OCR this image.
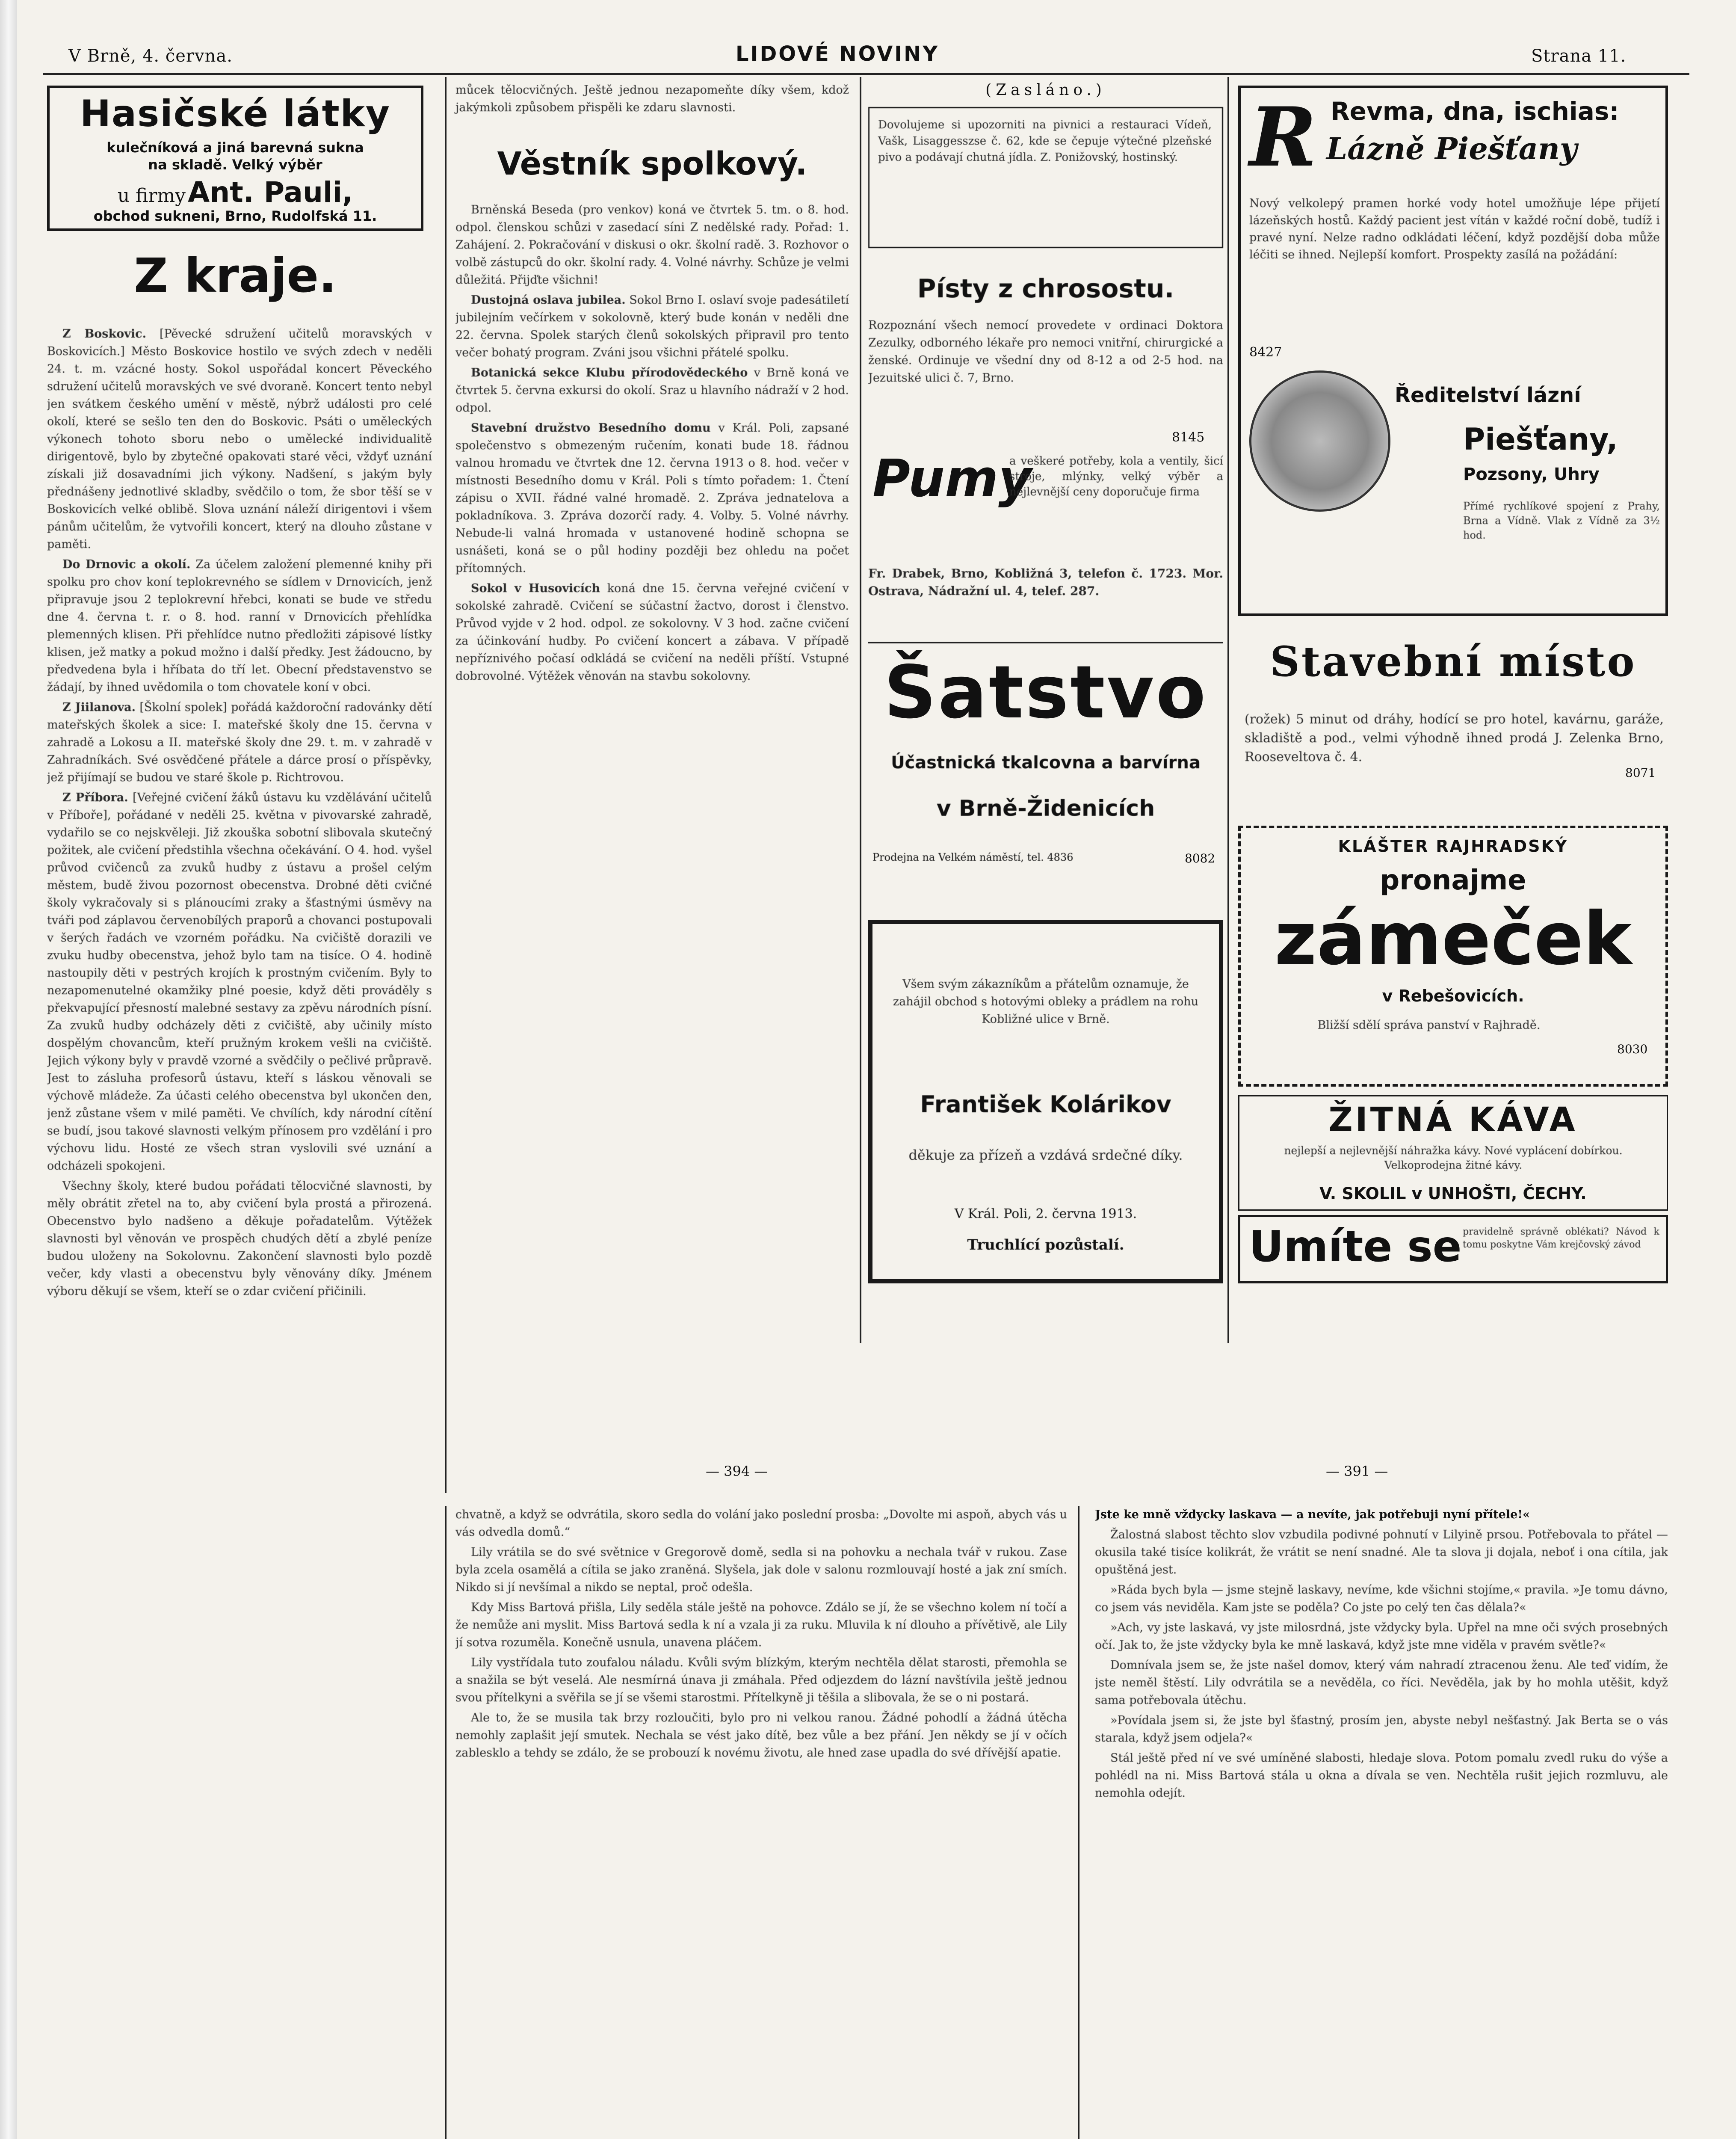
V Brně, 4. června.	LIDOVÉ NOVINY	Strana 11.
Hasičské látky
kulečníková a jiná barevná sukna
na skladě. Velký výběr
u firmy Ant. Pauli,
obchod sukneni, Brno, Rudolfská 11.
Z kraje.

Z Boskovic. [Pěvecké sdružení učitelů moravských v Boskovicích.] Město Boskovice hostilo ve svých zdech v neděli 24. t. m. vzácné hosty. Sokol uspořádal koncert Pěveckého sdružení učitelů moravských ve své dvoraně. Koncert tento nebyl jen svátkem českého umění v městě, nýbrž události pro celé okolí, které se sešlo ten den do Boskovic. Psáti o uměleckých výkonech tohoto sboru nebo o umělecké individualitě dirigentově, bylo by zbytečné opakovati staré věci, vždyť uznání získali již dosavadními jich výkony. Nadšení, s jakým byly přednášeny jednotlivé skladby, svědčilo o tom, že sbor těší se v Boskovicích velké oblibě. Slova uznání náleží dirigentovi i všem pánům učitelům, že vytvořili koncert, který na dlouho zůstane v paměti.

Do Drnovic a okolí. Za účelem založení plemenné knihy při spolku pro chov koní teplokrevného se sídlem v Drnovicích, jenž připravuje jsou 2 teplokrevní hřebci, konati se bude ve středu dne 4. června t. r. o 8. hod. ranní v Drnovicích přehlídka plemenných klisen. Při přehlídce nutno předložiti zápisové lístky klisen, jež matky a pokud možno i další předky. Jest žádoucno, by předvedena byla i hříbata do tří let. Obecní představenstvo se žádají, by ihned uvědomila o tom chovatele koní v obci.

Z Jiilanova. [Školní spolek] pořádá každoroční radovánky dětí mateřských školek a sice: I. mateřské školy dne 15. června v zahradě a Lokosu a II. mateřské školy dne 29. t. m. v zahradě v Zahradníkách. Své osvědčené přátele a dárce prosí o příspěvky, jež přijímají se budou ve staré škole p. Richtrovou.

Z Příbora. [Veřejné cvičení žáků ústavu ku vzdělávání učitelů v Příboře], pořádané v neděli 25. května v pivovarské zahradě, vydařilo se co nejskvěleji. Již zkouška sobotní slibovala skutečný požitek, ale cvičení předstihla všechna očekávání. O 4. hod. vyšel průvod cvičenců za zvuků hudby z ústavu a prošel celým městem, budě živou pozornost obecenstva. Drobné děti cvičné školy vykračovaly si s plánoucími zraky a šťastnými úsměvy na tváři pod záplavou červenobílých praporů a chovanci postupovali v šerých řadách ve vzorném pořádku. Na cvičiště dorazili ve zvuku hudby obecenstva, jehož bylo tam na tisíce. O 4. hodině nastoupily děti v pestrých krojích k prostným cvičením. Byly to nezapomenutelné okamžiky plné poesie, když děti prováděly s překvapující přesností malebné sestavy za zpěvu národních písní. Za zvuků hudby odcházely děti z cvičiště, aby učinily místo dospělým chovancům, kteří pružným krokem vešli na cvičiště. Jejich výkony byly v pravdě vzorné a svědčily o pečlivé průpravě. Jest to zásluha profesorů ústavu, kteří s láskou věnovali se výchově mládeže. Za účasti celého obecenstva byl ukončen den, jenž zůstane všem v milé paměti. Ve chvílích, kdy národní cítění se budí, jsou takové slavnosti velkým přínosem pro vzdělání i pro výchovu lidu. Hosté ze všech stran vyslovili své uznání a odcházeli spokojeni.

Všechny školy, které budou pořádati tělocvičné slavnosti, by měly obrátit zřetel na to, aby cvičení byla prostá a přirozená. Obecenstvo bylo nadšeno a děkuje pořadatelům. Výtěžek slavnosti byl věnován ve prospěch chudých dětí a zbylé peníze budou uloženy na Sokolovnu. Zakončení slavnosti bylo pozdě večer, kdy vlasti a obecenstvu byly věnovány díky. Jménem výboru děkují se všem, kteří se o zdar cvičení přičinili.

můcek tělocvičných. Ještě jednou nezapomeňte díky všem, kdož jakýmkoli způsobem přispěli ke zdaru slavnosti.
Věstník spolkový.

Brněnská Beseda (pro venkov) koná ve čtvrtek 5. tm. o 8. hod. odpol. členskou schůzi v zasedací síni Z nedělské rady. Pořad: 1. Zahájení. 2. Pokračování v diskusi o okr. školní radě. 3. Rozhovor o volbě zástupců do okr. školní rady. 4. Volné návrhy. Schůze je velmi důležitá. Přijďte všichni!

Dustojná oslava jubilea. Sokol Brno I. oslaví svoje padesátiletí jubilejním večírkem v sokolovně, který bude konán v neděli dne 22. června. Spolek starých členů sokolských připravil pro tento večer bohatý program. Zváni jsou všichni přátelé spolku.

Botanická sekce Klubu přírodovědeckého v Brně koná ve čtvrtek 5. června exkursi do okolí. Sraz u hlavního nádraží v 2 hod. odpol.

Stavební družstvo Besedního domu v Král. Poli, zapsané společenstvo s obmezeným ručením, konati bude 18. řádnou valnou hromadu ve čtvrtek dne 12. června 1913 o 8. hod. večer v místnosti Besedního domu v Král. Poli s tímto pořadem: 1. Čtení zápisu o XVII. řádné valné hromadě. 2. Zpráva jednatelova a pokladníkova. 3. Zpráva dozorčí rady. 4. Volby. 5. Volné návrhy. Nebude-li valná hromada v ustanovené hodině schopna se usnášeti, koná se o půl hodiny později bez ohledu na počet přítomných.

Sokol v Husovicích koná dne 15. června veřejné cvičení v sokolské zahradě. Cvičení se súčastní žactvo, dorost i členstvo. Průvod vyjde v 2 hod. odpol. ze sokolovny. V 3 hod. začne cvičení za účinkování hudby. Po cvičení koncert a zábava. V případě nepříznivého počasí odkládá se cvičení na neděli příští. Vstupné dobrovolné. Výtěžek věnován na stavbu sokolovny.

(Zasláno.)
Dovolujeme si upozorniti na pivnici a restauraci Vídeň, Vašk, Lisaggesszse č. 62, kde se čepuje výtečné plzeňské pivo a podávají chutná jídla. Z. Ponižovský, hostinský.
Písty z chrosostu.
Rozpoznání všech nemocí provedete v ordinaci Doktora Zezulky, odborného lékaře pro nemoci vnitřní, chirurgické a ženské. Ordinuje ve všední dny od 8-12 a od 2-5 hod. na Jezuitské ulici č. 7, Brno.
8145
Pumy
a veškeré potřeby, kola a ventily, šicí stroje, mlýnky, velký výběr a nejlevnější ceny doporučuje firma
Fr. Drabek, Brno, Kobližná 3, telefon č. 1723. Mor. Ostrava, Nádražní ul. 4, telef. 287.
Šatstvo
Účastnická tkalcovna a barvírna
v Brně-Židenicích
Prodejna na Velkém náměstí, tel. 4836	8082
Všem svým zákazníkům a přátelům oznamuje, že zahájil obchod s hotovými obleky a prádlem na rohu Kobližné ulice v Brně.
František Kolárikov
děkuje za přízeň a vzdává srdečné díky.
V Král. Poli, 2. června 1913.
Truchlící pozůstalí.
Revma, dna, ischias:
R Lázně Piešťany
Nový velkolepý pramen horké vody hotel umožňuje lépe přijetí lázeňských hostů. Každý pacient jest vítán v každé roční době, tudíž i pravé nyní. Nelze radno odkládati léčení, když pozdější doba může léčiti se ihned. Nejlepší komfort. Prospekty zasílá na požádání:
8427
Ředitelství lázní
Piešťany,
Pozsony, Uhry
Přímé rychlíkové spojení z Prahy, Brna a Vídně. Vlak z Vídně za 3½ hod.
Stavební místo
(rožek) 5 minut od dráhy, hodící se pro hotel, kavárnu, garáže, skladiště a pod., velmi výhodně ihned prodá J. Zelenka Brno, Rooseveltova č. 4.
8071
KLÁŠTER RAJHRADSKÝ
pronajme
zámeček
v Rebešovicích.
Bližší sdělí správa panství v Rajhradě.
8030
ŽITNÁ KÁVA
nejlepší a nejlevnější náhražka kávy. Nové vyplácení dobírkou. Velkoprodejna žitné kávy.
V. SKOLIL v UNHOŠTI, ČECHY.
Umíte se pravidelně správně oblékati? Návod k tomu poskytne Vám krejčovský závod
— 394 —	— 391 —

chvatně, a když se odvrátila, skoro sedla do volání jako poslední prosba: „Dovolte mi aspoň, abych vás u vás odvedla domů.“

Lily vrátila se do své světnice v Gregorově domě, sedla si na pohovku a nechala tvář v rukou. Zase byla zcela osamělá a cítila se jako zraněná. Slyšela, jak dole v salonu rozmlouvají hosté a jak zní smích. Nikdo si jí nevšímal a nikdo se neptal, proč odešla.

Kdy Miss Bartová přišla, Lily seděla stále ještě na pohovce. Zdálo se jí, že se všechno kolem ní točí a že nemůže ani myslit. Miss Bartová sedla k ní a vzala ji za ruku. Mluvila k ní dlouho a přívětivě, ale Lily jí sotva rozuměla. Konečně usnula, unavena pláčem.

Lily vystřídala tuto zoufalou náladu. Kvůli svým blízkým, kterým nechtěla dělat starosti, přemohla se a snažila se být veselá. Ale nesmírná únava ji zmáhala. Před odjezdem do lázní navštívila ještě jednou svou přítelkyni a svěřila se jí se všemi starostmi. Přítelkyně ji těšila a slibovala, že se o ni postará.

Ale to, že se musila tak brzy rozloučiti, bylo pro ni velkou ranou. Žádné pohodlí a žádná útěcha nemohly zaplašit její smutek. Nechala se vést jako dítě, bez vůle a bez přání. Jen někdy se jí v očích zablesklo a tehdy se zdálo, že se probouzí k novému životu, ale hned zase upadla do své dřívější apatie.

Jste ke mně vždycky laskava — a nevíte, jak potřebuji nyní přítele!«

Žalostná slabost těchto slov vzbudila podivné pohnutí v Lilyině prsou. Potřebovala to přátel — okusila také tisíce kolikrát, že vrátit se není snadné. Ale ta slova ji dojala, neboť i ona cítila, jak opuštěná jest.

»Ráda bych byla — jsme stejně laskavy, nevíme, kde všichni stojíme,« pravila. »Je tomu dávno, co jsem vás neviděla. Kam jste se poděla? Co jste po celý ten čas dělala?«

»Ach, vy jste laskavá, vy jste milosrdná, jste vždycky byla. Upřel na mne oči svých prosebných očí. Jak to, že jste vždycky byla ke mně laskavá, když jste mne viděla v pravém světle?«

Domnívala jsem se, že jste našel domov, který vám nahradí ztracenou ženu. Ale teď vidím, že jste neměl štěstí. Lily odvrátila se a nevěděla, co říci. Nevěděla, jak by ho mohla utěšit, když sama potřebovala útěchu.

»Povídala jsem si, že jste byl šťastný, prosím jen, abyste nebyl nešťastný. Jak Berta se o vás starala, když jsem odjela?«

Stál ještě před ní ve své umíněné slabosti, hledaje slova. Potom pomalu zvedl ruku do výše a pohlédl na ni. Miss Bartová stála u okna a dívala se ven. Nechtěla rušit jejich rozmluvu, ale nemohla odejít.
